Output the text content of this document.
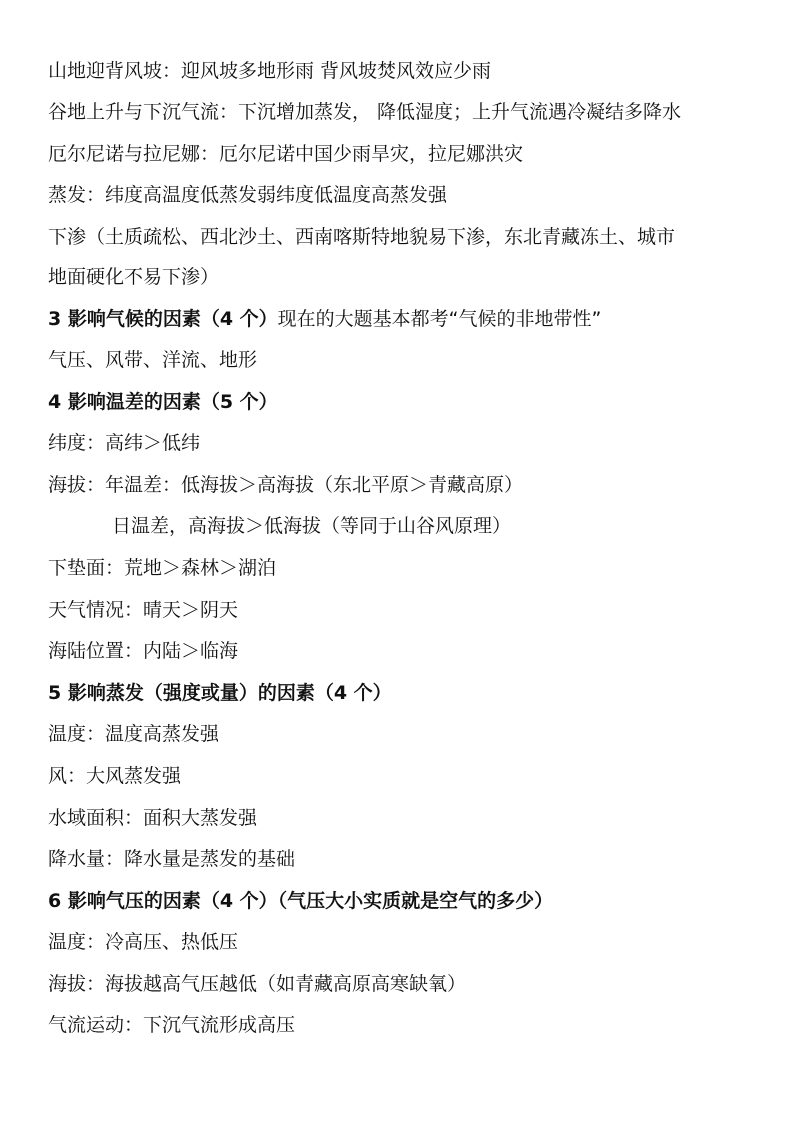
山地迎背风坡：迎风坡多地形雨 背风坡焚风效应少雨
谷地上升与下沉气流：下沉增加蒸发， 降低湿度；上升气流遇冷凝结多降水
厄尔尼诺与拉尼娜：厄尔尼诺中国少雨旱灾，拉尼娜洪灾
蒸发：纬度高温度低蒸发弱纬度低温度高蒸发强
下渗（土质疏松、西北沙土、西南喀斯特地貌易下渗，东北青藏冻土、城市
地面硬化不易下渗）
3 影响气候的因素（4 个）现在的大题基本都考“气候的非地带性”
气压、风带、洋流、地形
4 影响温差的因素（5 个）
纬度：高纬＞低纬
海拔：年温差：低海拔＞高海拔（东北平原＞青藏高原）
日温差，高海拔＞低海拔（等同于山谷风原理）
下垫面：荒地＞森林＞湖泊
天气情况：晴天＞阴天
海陆位置：内陆＞临海
5 影响蒸发（强度或量）的因素（4 个）
温度：温度高蒸发强
风：大风蒸发强
水域面积：面积大蒸发强
降水量：降水量是蒸发的基础
6 影响气压的因素（4 个）（气压大小实质就是空气的多少）
温度：冷高压、热低压
海拔：海拔越高气压越低（如青藏高原高寒缺氧）
气流运动：下沉气流形成高压
